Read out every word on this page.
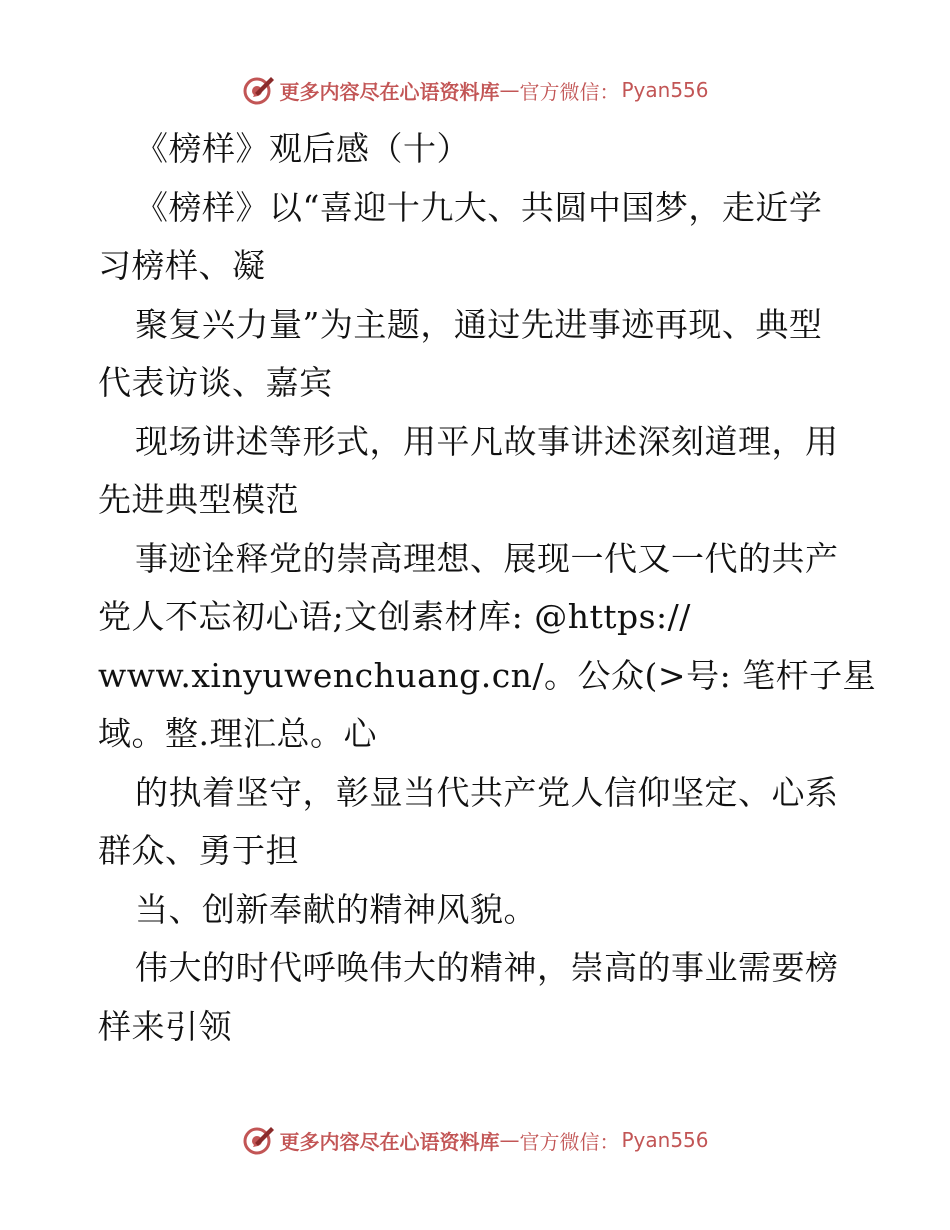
更多内容尽在心语资料库 — 官方微信： Pyan556
《榜样》观后感（十）
《榜样》以“喜迎十九大、共圆中国梦，走近学
习榜样、凝
聚复兴力量”为主题，通过先进事迹再现、典型
代表访谈、嘉宾
现场讲述等形式，用平凡故事讲述深刻道理，用
先进典型模范
事迹诠释党的崇高理想、展现一代又一代的共产
党人不忘初心语;文创素材库: @https://
www.xinyuwenchuang.cn/。公众(>号: 笔杆子星
域。整.理汇总。心
的执着坚守，彰显当代共产党人信仰坚定、心系
群众、勇于担
当、创新奉献的精神风貌。
伟大的时代呼唤伟大的精神，崇高的事业需要榜
样来引领
更多内容尽在心语资料库 — 官方微信： Pyan556
